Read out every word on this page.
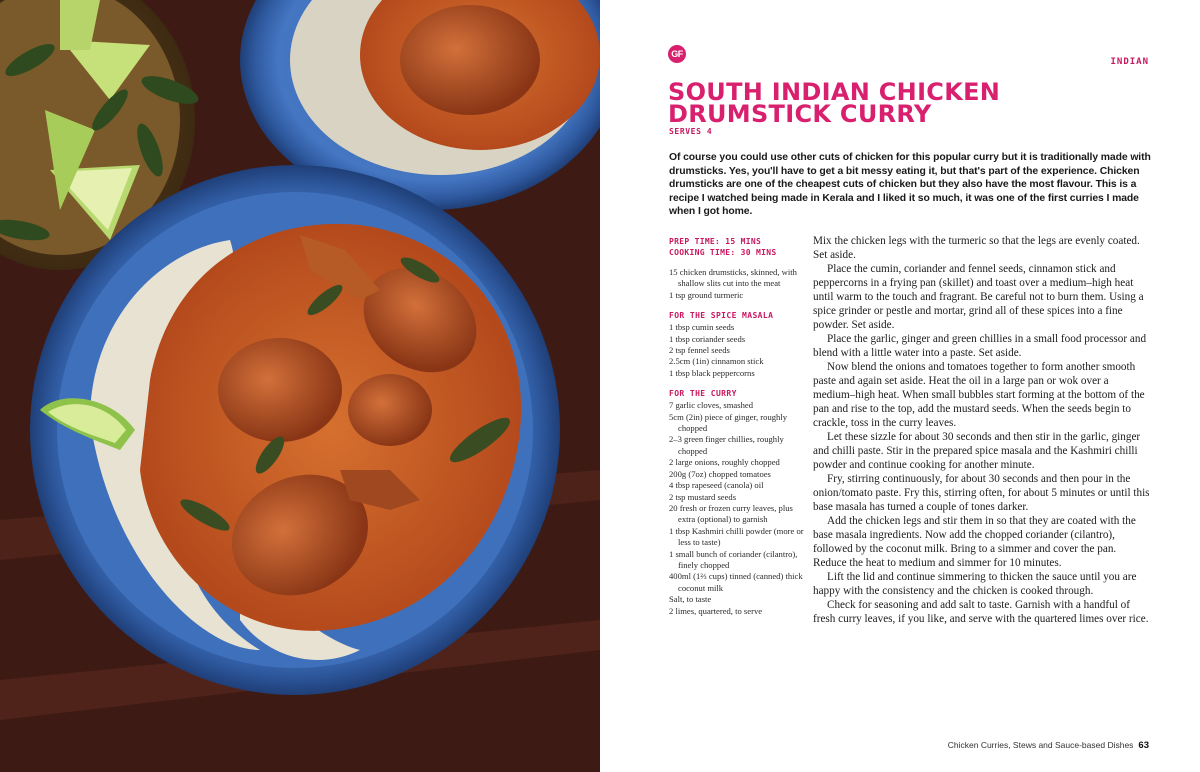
GF
INDIAN
SOUTH INDIAN CHICKEN DRUMSTICK CURRY
SERVES 4

Of course you could use other cuts of chicken for this popular curry but it is traditionally made with drumsticks. Yes, you'll have to get a bit messy eating it, but that's part of the experience. Chicken drumsticks are one of the cheapest cuts of chicken but they also have the most flavour. This is a recipe I watched being made in Kerala and I liked it so much, it was one of the first curries I made when I got home.

PREP TIME: 15 MINS
COOKING TIME: 30 MINS
15 chicken drumsticks, skinned, with shallow slits cut into the meat
1 tsp ground turmeric
FOR THE SPICE MASALA
1 tbsp cumin seeds
1 tbsp coriander seeds
2 tsp fennel seeds
2.5cm (1in) cinnamon stick
1 tbsp black peppercorns
FOR THE CURRY
7 garlic cloves, smashed
5cm (2in) piece of ginger, roughly chopped
2–3 green finger chillies, roughly chopped
2 large onions, roughly chopped
200g (7oz) chopped tomatoes
4 tbsp rapeseed (canola) oil
2 tsp mustard seeds
20 fresh or frozen curry leaves, plus extra (optional) to garnish
1 tbsp Kashmiri chilli powder (more or less to taste)
1 small bunch of coriander (cilantro), finely chopped
400ml (1⅔ cups) tinned (canned) thick coconut milk
Salt, to taste
2 limes, quartered, to serve

Mix the chicken legs with the turmeric so that the legs are evenly coated. Set aside.

Place the cumin, coriander and fennel seeds, cinnamon stick and peppercorns in a frying pan (skillet) and toast over a medium–high heat until warm to the touch and fragrant. Be careful not to burn them. Using a spice grinder or pestle and mortar, grind all of these spices into a fine powder. Set aside.

Place the garlic, ginger and green chillies in a small food processor and blend with a little water into a paste. Set aside.

Now blend the onions and tomatoes together to form another smooth paste and again set aside. Heat the oil in a large pan or wok over a medium–high heat. When small bubbles start forming at the bottom of the pan and rise to the top, add the mustard seeds. When the seeds begin to crackle, toss in the curry leaves.

Let these sizzle for about 30 seconds and then stir in the garlic, ginger and chilli paste. Stir in the prepared spice masala and the Kashmiri chilli powder and continue cooking for another minute.

Fry, stirring continuously, for about 30 seconds and then pour in the onion/tomato paste. Fry this, stirring often, for about 5 minutes or until this base masala has turned a couple of tones darker.

Add the chicken legs and stir them in so that they are coated with the base masala ingredients. Now add the chopped coriander (cilantro), followed by the coconut milk. Bring to a simmer and cover the pan. Reduce the heat to medium and simmer for 10 minutes.

Lift the lid and continue simmering to thicken the sauce until you are happy with the consistency and the chicken is cooked through.

Check for seasoning and add salt to taste. Garnish with a handful of fresh curry leaves, if you like, and serve with the quartered limes over rice.

Chicken Curries, Stews and Sauce-based Dishes 63
